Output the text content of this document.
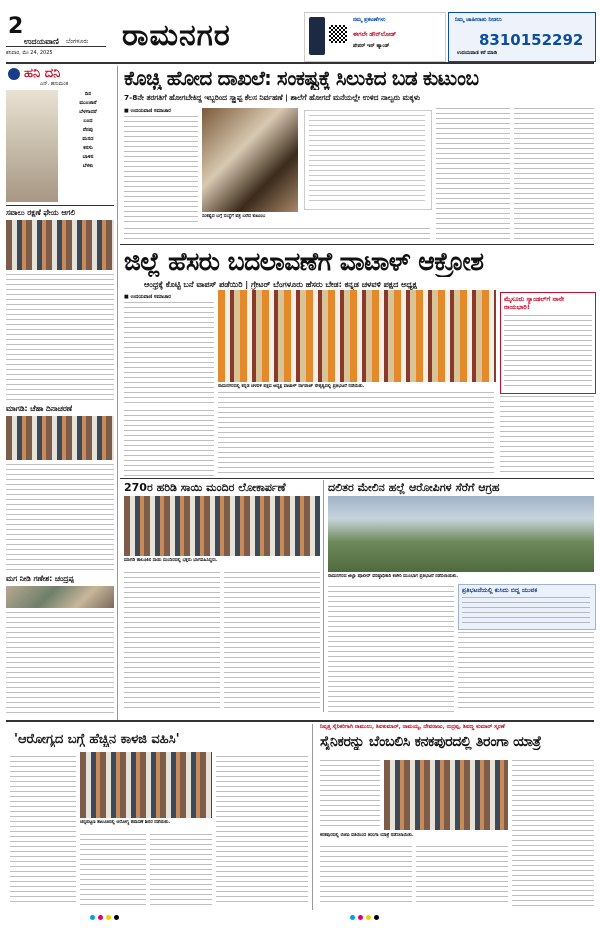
2
ಉದಯವಾಣಿ ಬೆಂಗಳೂರು
ಶನಿವಾರ, ಮೇ 24, 2025 ರಾಮನಗರ	ನಮ್ಮ ಪ್ರಕಟಣೆಗಳು
ಈಗಲೇ ಡೌನ್‌ಲೋಡ್
ಪೇಪರ್ ಇನ್ ಹ್ಯಾಂಡ್
ನಿಮ್ಮ ಜಾಹೀರಾತು ನೀಡಲು
8310152292
ಉದಯವಾಣಿ ಕರೆ ಮಾಡಿ
ಹನಿ ದನಿ
ಎನ್. ಹನುಮಂತ
ದಿನ
ಮುಂಜಾನೆ
ಬೆಳಗಾದರೆ
ಬಂದ
ನೆನಪು
ಮನದ
ಕನಸು
ಬಾಳಿನ
ಬೆಳಕು
ಸವಾಲು ರಕ್ಷಣೆ ಫೇಯ ಆಗಲಿ
ಮಾಗಡಿ: ಚೆಹಾ ದಿನಾಚರಣೆ
ಮಗ ನೀಡಿ ಗಣೇಶ: ಚಂದ್ರಪ್ಪ
ಕೊಚ್ಚಿ ಹೋದ ದಾಖಲೆ: ಸಂಕಷ್ಟಕ್ಕೆ ಸಿಲುಕಿದ ಬಡ ಕುಟುಂಬ
7-8ನೇ ತರಗತಿಗೆ ಹೋಗಬೇಕಿದ್ದ ಇಬ್ಬರಿಂದ ಸ್ಕ್ರ್ಯಾಪ್ಟ ಕೆಲಸ ನಿರ್ವಹಣೆ | ಶಾಲೆಗೆ ಹೋಗದೆ ಮನೆಯಲ್ಲೇ ಉಳಿದ ನಾಲ್ವರು ಮಕ್ಕಳು
■ ಉದಯವಾಣಿ ಸಮಾಚಾರ
ಸಂಕಷ್ಟದ ಬಗ್ಗೆ ಸಂಸ್ಥೆಗೆ ಪತ್ರ ಬರೆದ ಕುಟುಂಬ
ಜಿಲ್ಲೆ ಹೆಸರು ಬದಲಾವಣೆಗೆ ವಾಟಾಳ್ ಆಕ್ರೋಶ
ಆಂಧ್ರಕ್ಕೆ ಕೊಟ್ಟಿ ಬನೆ ವಾಪಸ್ ಪಡೆಯಿರಿ | ಗ್ರೇಟರ್ ಬೆಂಗಳೂರು ಹೆಸರು ಬೇಡ: ಕನ್ನಡ ಚಳವಳಿ ಪಕ್ಷದ ಅಧ್ಯಕ್ಷ
■ ಉದಯವಾಣಿ ಸಮಾಚಾರ
ರಾಮನಗರದಲ್ಲಿ ಕನ್ನಡ ಚಳವಳಿ ಪಕ್ಷದ ಅಧ್ಯಕ್ಷ ವಾಟಾಳ್ ನಾಗರಾಜ್ ನೇತೃತ್ವದಲ್ಲಿ ಪ್ರತಿಭಟನೆ ನಡೆಯಿತು.
ಮೈಸೂರು ಸ್ಯಾಂಡಲ್‌ಗೆ ನಾನೇ ರಾಯಭಾರಿ!
270ರ ಹರಿಡಿ ಸಾಯಿ ಮಂದಿರ ಲೋಕಾರ್ಪಣೆ
ಮಾಗಡಿ ತಾಲೂಕಿನ ಸಾಯಿ ಮಂದಿರದಲ್ಲಿ ಭಕ್ತರು ಭಾಗವಹಿಸಿದ್ದರು.
ದಲಿತರ ಮೇಲಿನ ಹಲ್ಲೆ ಆರೋಪಿಗಳ ಸೆರೆಗೆ ಆಗ್ರಹ
ರಾಮನಗರದ ಜಿಲ್ಲಾ ಪೊಲೀಸ್ ವರಿಷ್ಠಾಧಿಕಾರಿ ಕಚೇರಿ ಮುಂಭಾಗ ಪ್ರತಿಭಟನೆ ನಡೆಸಲಾಯಿತು.
ಪ್ರತಿಭಟನೆಯಲ್ಲಿ ಕುಸಿದು ಬಿದ್ದ ಯುವಕ
'ಆರೋಗ್ಯದ ಬಗ್ಗೆ ಹೆಚ್ಚಿನ ಕಾಳಜಿ ವಹಿಸಿ'
ಚನ್ನಪಟ್ಟಣ ತಾಲೂಕಿನಲ್ಲಿ ಆರೋಗ್ಯ ತಪಾಸಣೆ ಶಿಬಿರ ನಡೆಯಿತು.
ನಿವೃತ್ತ ಸೈನಿಕರಿಗಾಗಿ ರಾಮುಲು, ಶಿವಕುಮಾರ್, ರಾಮಯ್ಯ, ದೇವರಾಜು, ರುದ್ರಪ್ಪ, ಶಿವಣ್ಣ ಕುಮಾರ್ ಸ್ಮರಣೆ
ಸೈನಿಕರನ್ನು ಬೆಂಬಲಿಸಿ ಕನಕಪುರದಲ್ಲಿ ತಿರಂಗಾ ಯಾತ್ರೆ
ಕನಕಪುರದಲ್ಲಿ ಬಿಜೆಪಿ ವತಿಯಿಂದ ತಿರಂಗಾ ಯಾತ್ರೆ ನಡೆಸಲಾಯಿತು.
